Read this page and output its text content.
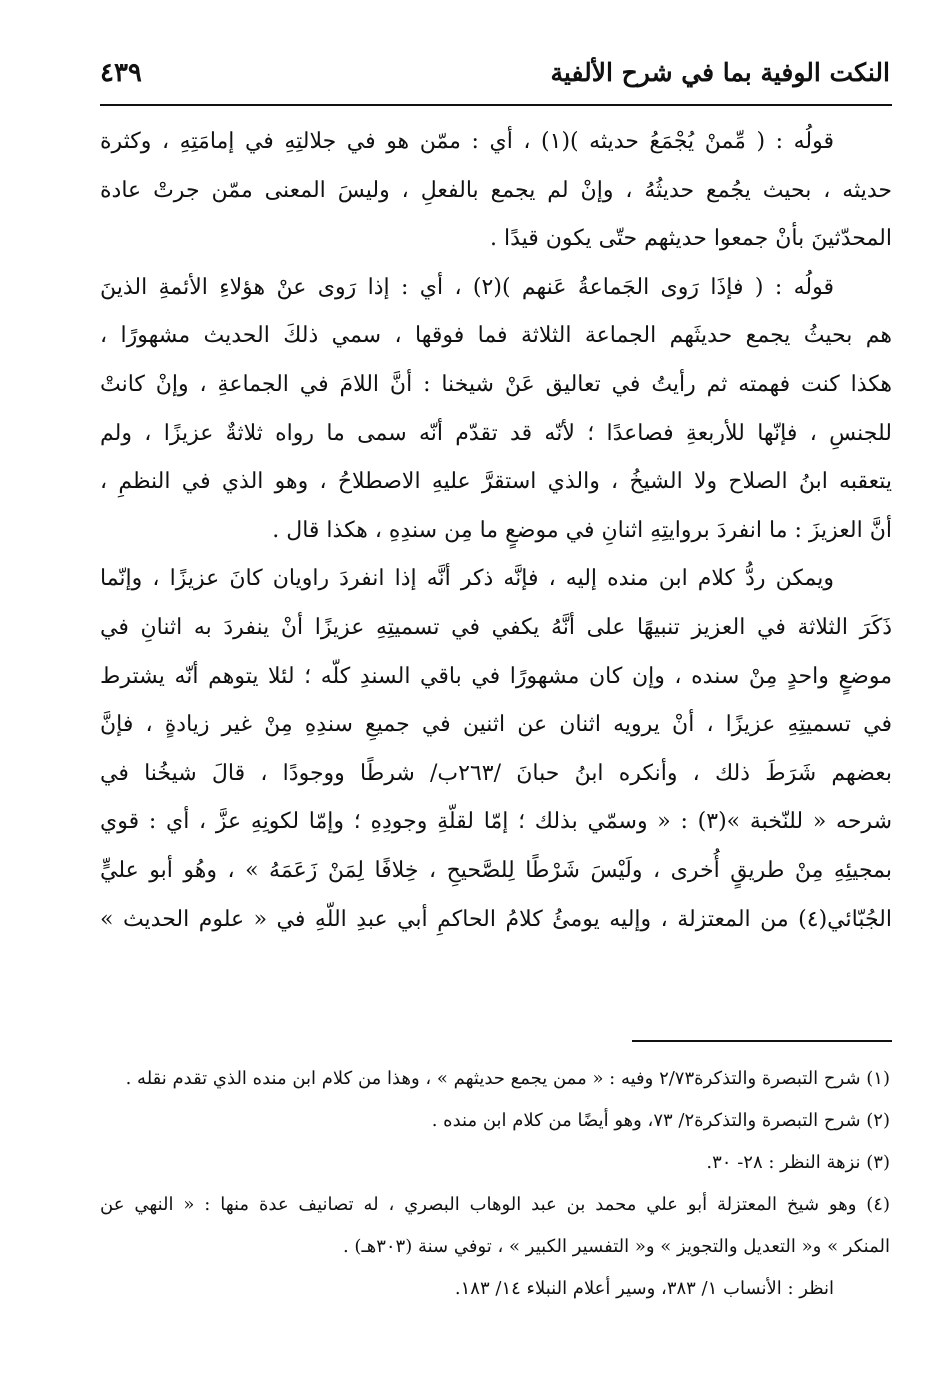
النكت الوفية بما في شرح الألفية
٤٣٩
قولُه : ( مِّمنْ يُجْمَعُ حديثه )(١) ، أي : ممّن هو في جلالتِهِ في إمامَتِهِ ، وكثرة
حديثه ، بحيث يجُمع حديثُهُ ، وإنْ لم يجمع بالفعلِ ، وليسَ المعنى ممّن جرتْ عادة
المحدّثينَ بأنْ جمعوا حديثهم حتّى يكون قيدًا .
قولُه : ( فإذَا رَوى الجَماعةُ عَنهم )(٢) ، أي : إذا رَوى عنْ هؤلاءِ الأئمةِ الذينَ
هم بحيثُ يجمع حديثَهم الجماعة الثلاثة فما فوقها ، سمي ذلكَ الحديث مشهورًا ،
هكذا كنت فهمته ثم رأيتُ في تعاليق عَنْ شيخنا : أنَّ اللامَ في الجماعةِ ، وإنْ كانتْ
للجنسِ ، فإنّها للأربعةِ فصاعدًا ؛ لأنّه قد تقدّم أنّه سمى ما رواه ثلاثةٌ عزيزًا ، ولم
يتعقبه ابنُ الصلاح ولا الشيخُ ، والذي استقرَّ عليهِ الاصطلاحُ ، وهو الذي في النظمِ ،
أنَّ العزيزَ : ما انفردَ بروايتِهِ اثنانِ في موضعٍ ما مِن سندِهِ ، هكذا قال .
ويمكن ردُّ كلام ابن منده إليه ، فإنَّه ذكر أنَّه إذا انفردَ راويان كانَ عزيزًا ، وإنّما
ذَكَرَ الثلاثة في العزيز تنبيهًا على أنَّهُ يكفي في تسميتِهِ عزيزًا أنْ ينفردَ به اثنانِ في
موضعٍ واحدٍ مِنْ سنده ، وإن كان مشهورًا في باقي السندِ كلّه ؛ لئلا يتوهم أنّه يشترط
في تسميتِهِ عزيزًا ، أنْ يرويه اثنان عن اثنين في جميعِ سندِهِ مِنْ غير زيادةٍ ، فإنَّ
بعضهم شَرَطَ ذلك ، وأنكره ابنُ حبانَ /٢٦٣ب/ شرطًا ووجودًا ، قالَ شيخُنا في
شرحه « للنّخبة »(٣) : « وسمّي بذلك ؛ إمّا لقلّةِ وجودِهِ ؛ وإمّا لكونِهِ عزَّ ، أي : قوي
بمجيئِهِ مِنْ طريقٍ أُخرى ، ولَيْسَ شَرْطًا لِلصَّحيحِ ، خِلافًا لِمَنْ زَعَمَهُ » ، وهُو أبو عليٍّ
الجُبّائي(٤) من المعتزلة ، وإليه يومئُ كلامُ الحاكمِ أبي عبدِ اللّهِ في « علوم الحديث »
(١) شرح التبصرة والتذكرة٢/٧٣ وفيه : « ممن يجمع حديثهم » ، وهذا من كلام ابن منده الذي تقدم نقله .
(٢) شرح التبصرة والتذكرة٢/ ٧٣، وهو أيضًا من كلام ابن منده .
(٣) نزهة النظر : ٢٨- ٣٠.
(٤) وهو شيخ المعتزلة أبو علي محمد بن عبد الوهاب البصري ، له تصانيف عدة منها : « النهي عن
المنكر » و« التعديل والتجويز » و« التفسير الكبير » ، توفي سنة (٣٠٣هـ) .
انظر : الأنساب ١/ ٣٨٣، وسير أعلام النبلاء ١٤/ ١٨٣.
